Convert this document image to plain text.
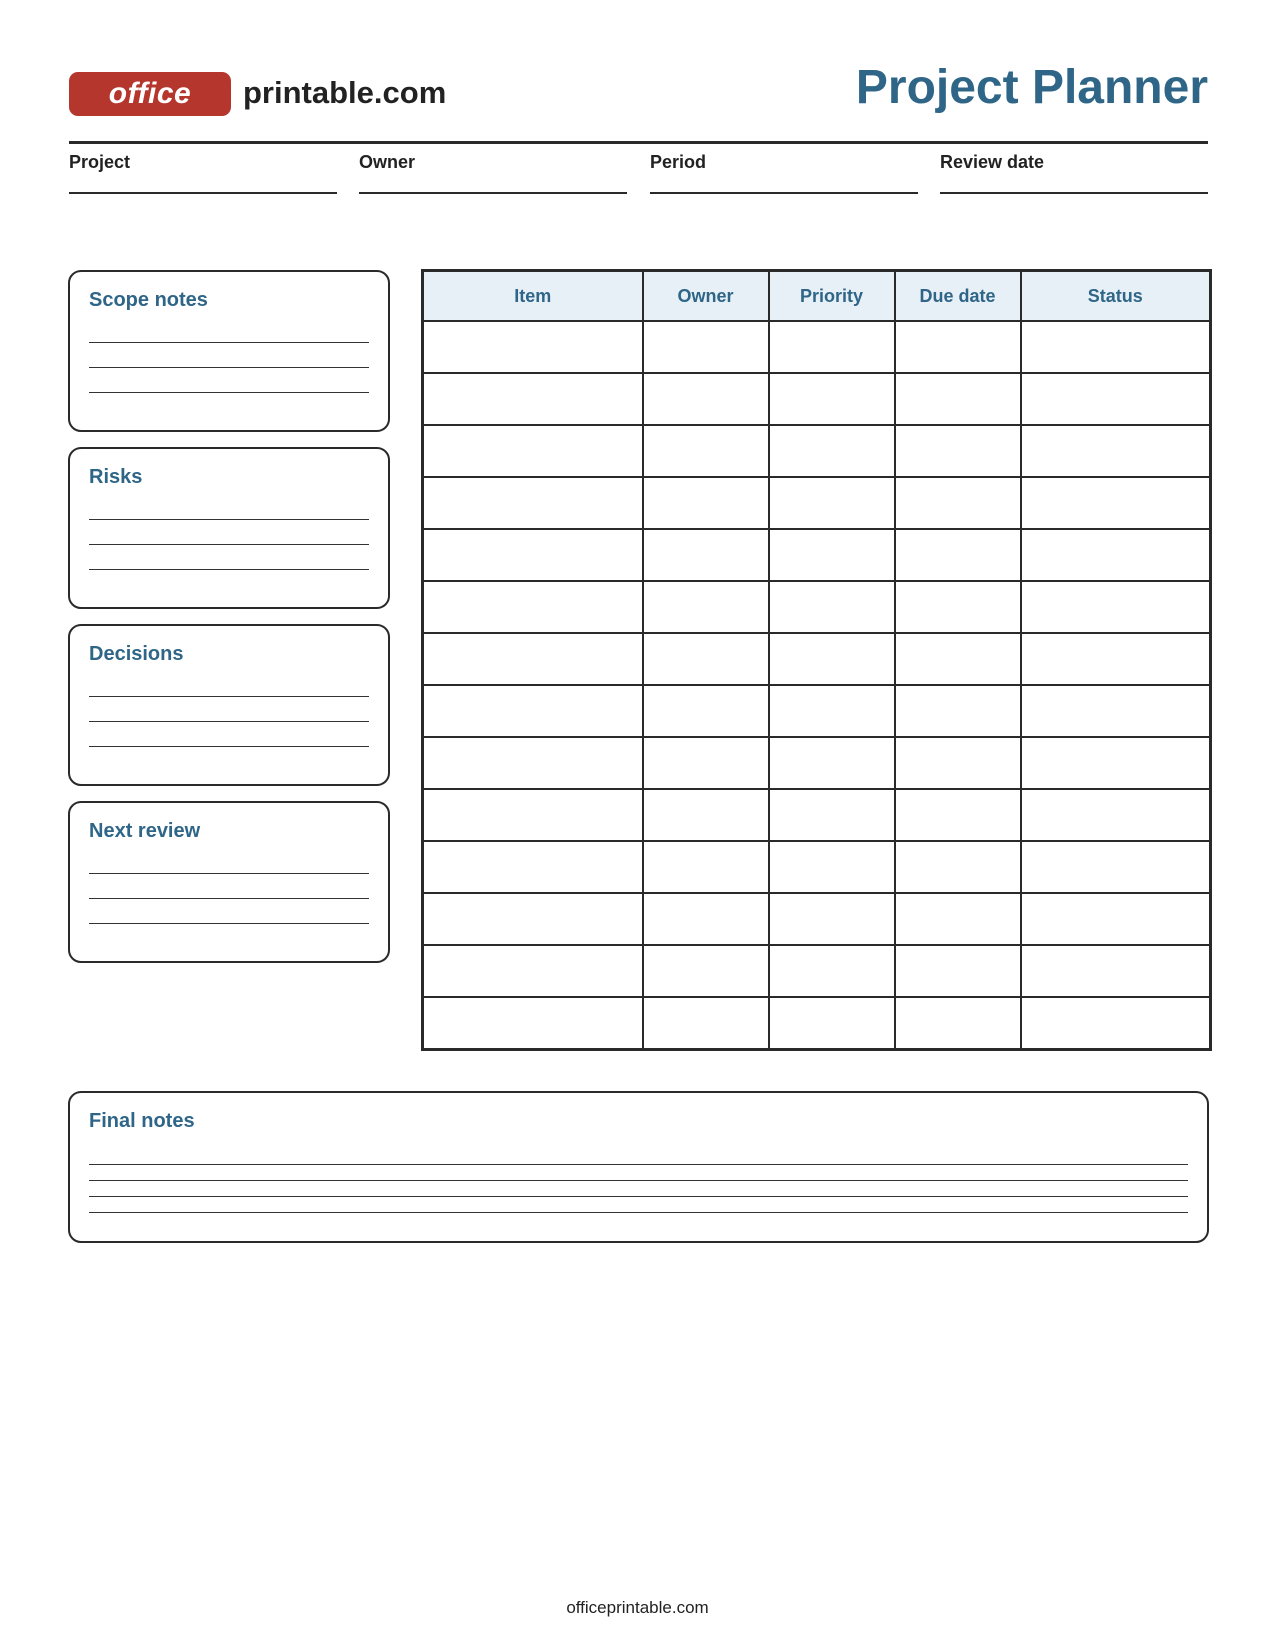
office printable.com	Project Planner
Project	Owner	Period	Review date
Scope notes
Risks
Decisions
Next review
Item	Owner	Priority	Due date	Status

Final notes
officeprintable.com
